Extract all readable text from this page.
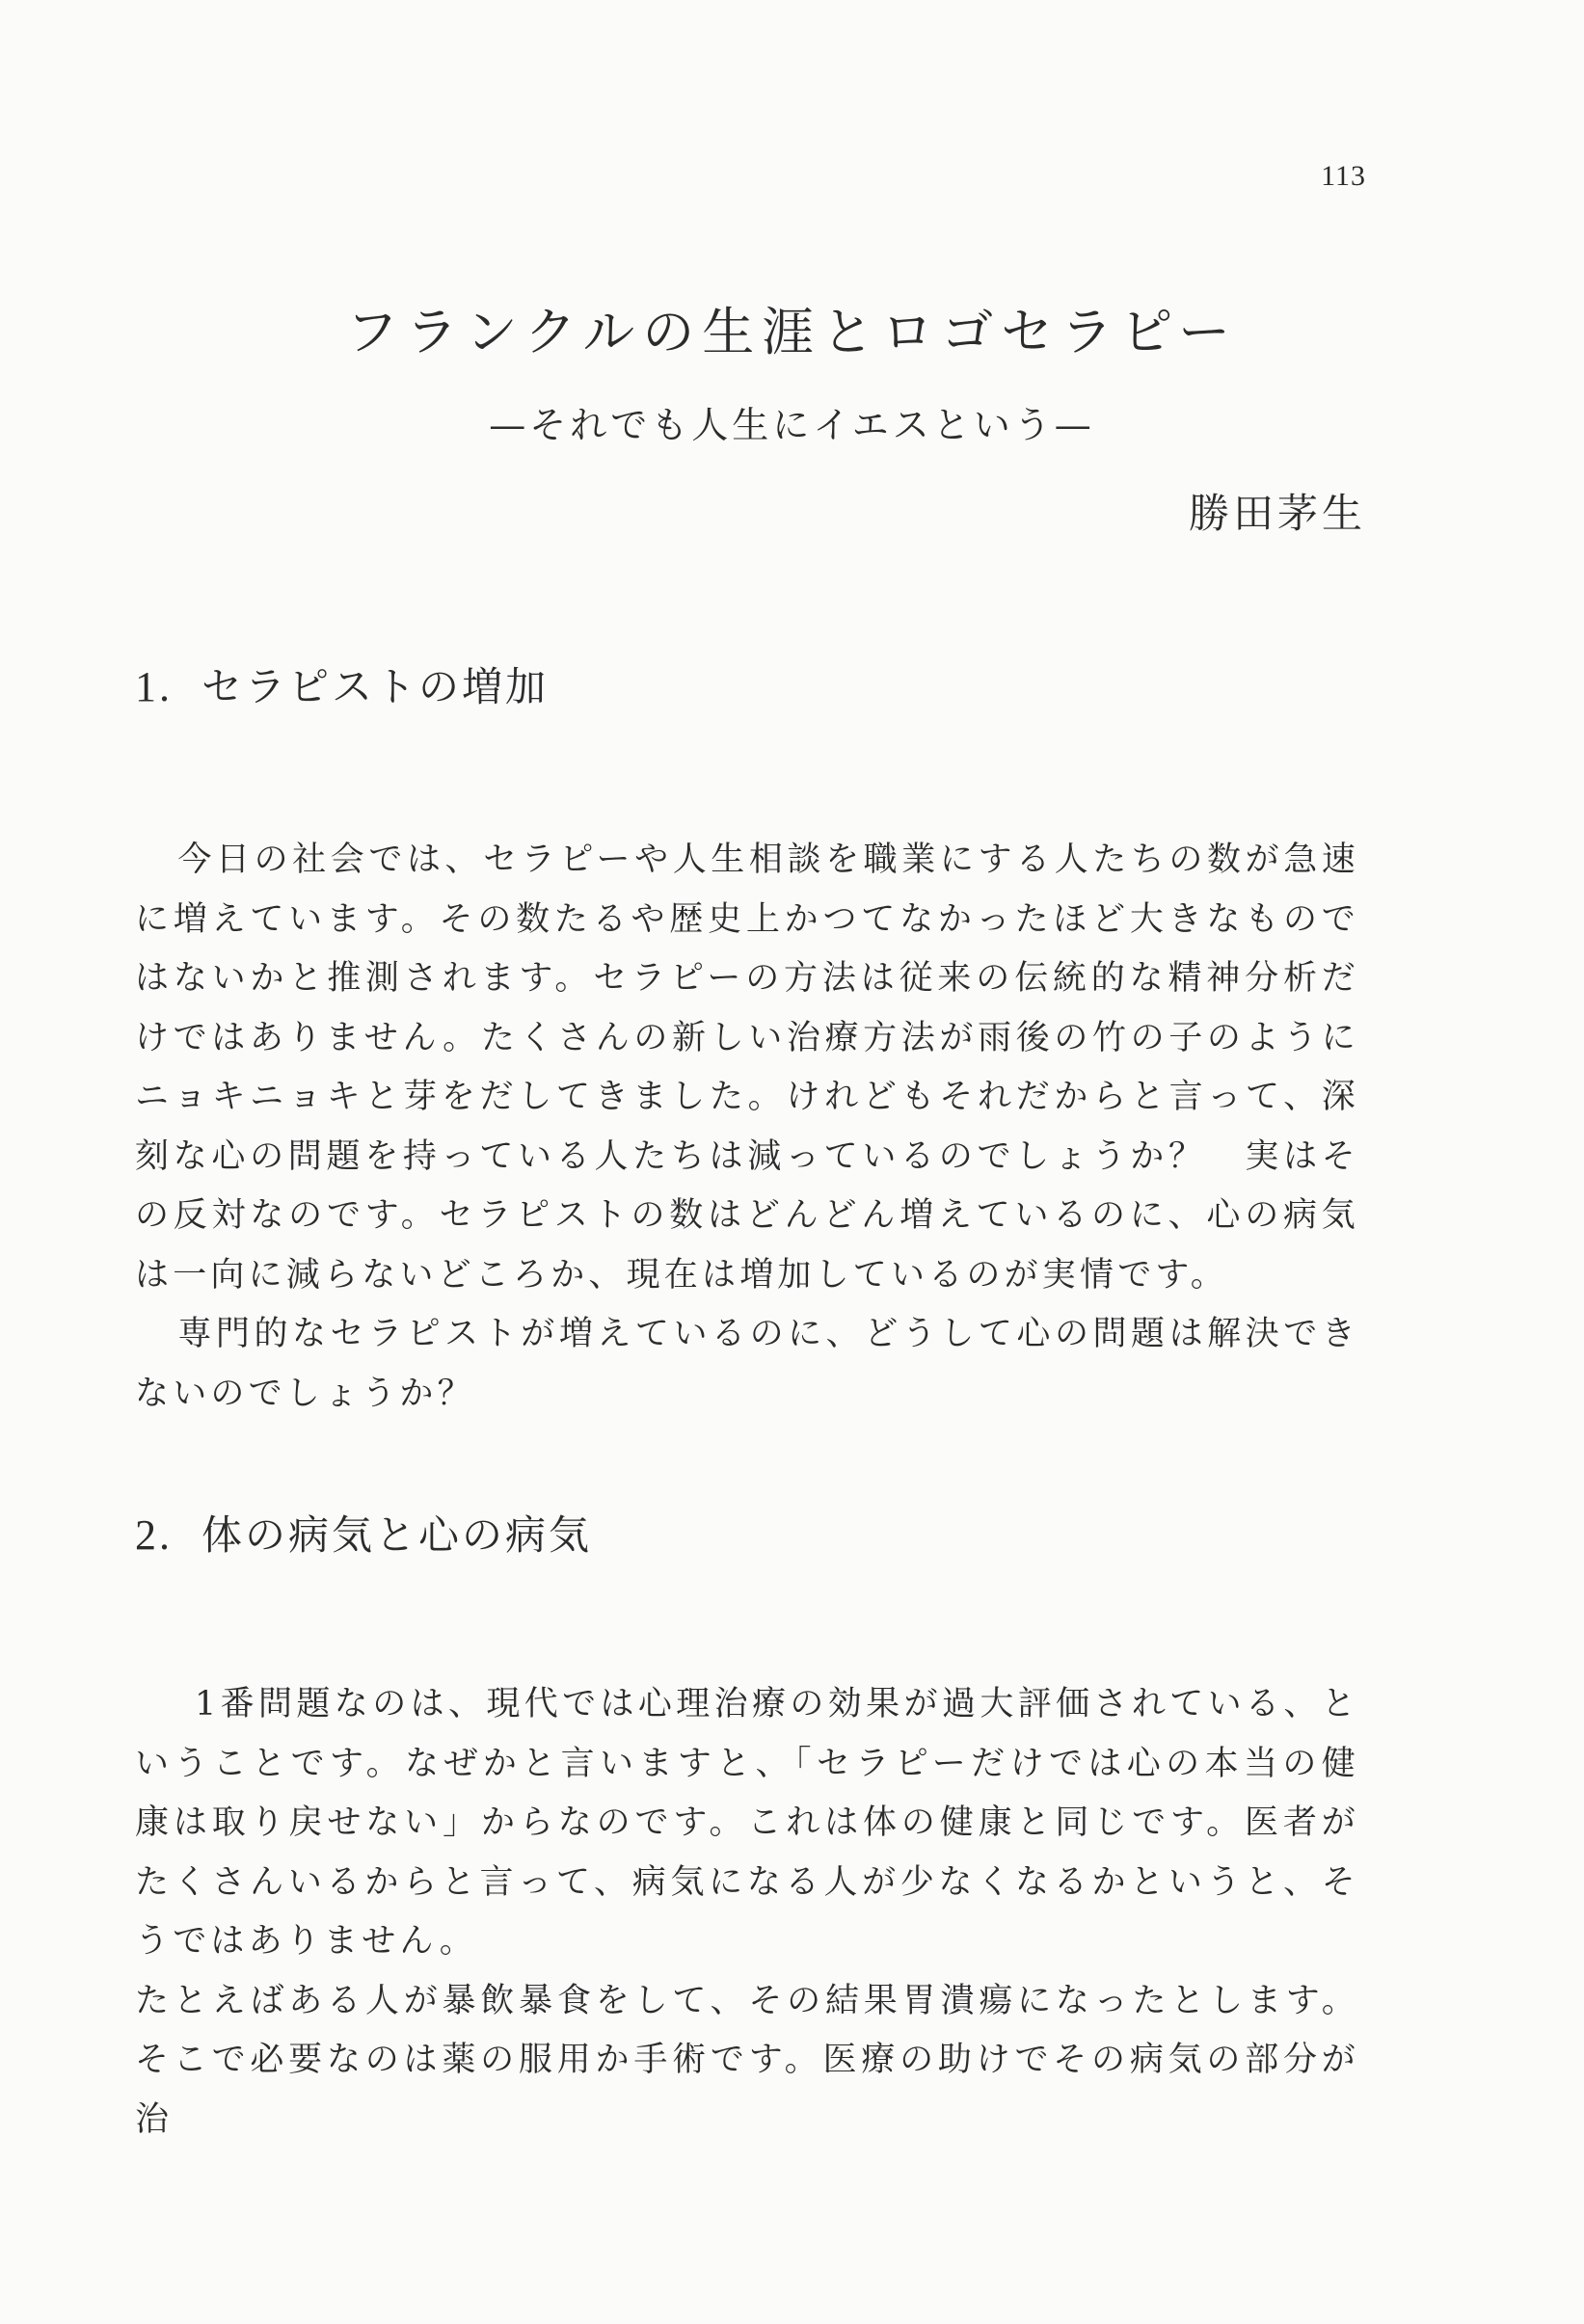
113
フランクルの生涯とロゴセラピー
—それでも人生にイエスという—
勝田茅生
1. セラピストの増加

今日の社会では、セラピーや人生相談を職業にする人たちの数が急速に増えています。その数たるや歴史上かつてなかったほど大きなものではないかと推測されます。セラピーの方法は従来の伝統的な精神分析だけではありません。たくさんの新しい治療方法が雨後の竹の子のようにニョキニョキと芽をだしてきました。けれどもそれだからと言って、深刻な心の問題を持っている人たちは減っているのでしょうか？　実はその反対なのです。セラピストの数はどんどん増えているのに、心の病気は一向に減らないどころか、現在は増加しているのが実情です。

専門的なセラピストが増えているのに、どうして心の問題は解決できないのでしょうか？

2. 体の病気と心の病気

1番問題なのは、現代では心理治療の効果が過大評価されている、ということです。なぜかと言いますと、「セラピーだけでは心の本当の健康は取り戻せない」からなのです。これは体の健康と同じです。医者がたくさんいるからと言って、病気になる人が少なくなるかというと、そうではありません。

たとえばある人が暴飲暴食をして、その結果胃潰瘍になったとします。そこで必要なのは薬の服用か手術です。医療の助けでその病気の部分が治
